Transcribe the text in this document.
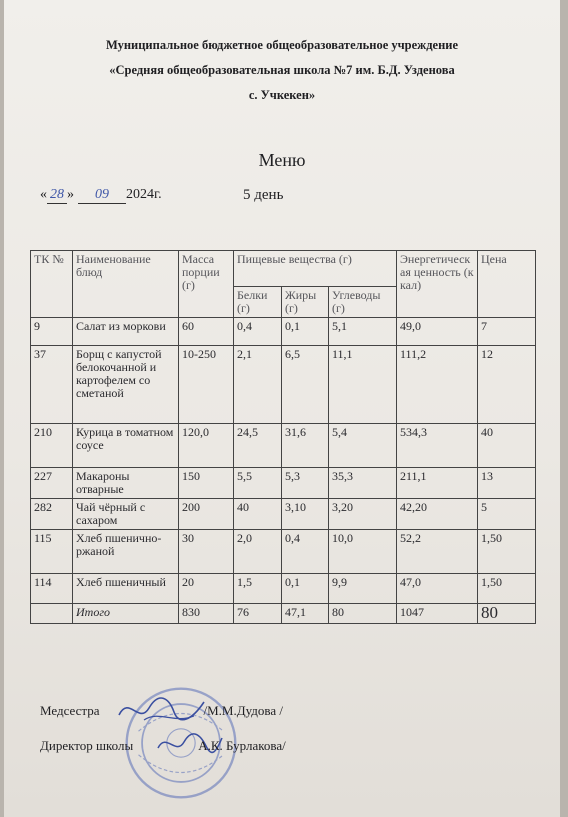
Муниципальное бюджетное общеобразовательное учреждение
«Средняя общеобразовательная школа №7 им. Б.Д. Узденова
с. Учкекен»
Меню
« 28 » 09 2024г.	5 день
ТК №	Наименование блюд	Масса порции (г)	Пищевые вещества (г)			Энергетическая ценность (ккал)	Цена
			Белки (г)	Жиры (г)	Углеводы (г)		
9	Салат из моркови	60	0,4	0,1	5,1	49,0	7
37	Борщ с капустой белокочанной и картофелем со сметаной	10-250	2,1	6,5	11,1	111,2	12
210	Курица в томатном соусе	120,0	24,5	31,6	5,4	534,3	40
227	Макароны отварные	150	5,5	5,3	35,3	211,1	13
282	Чай чёрный с сахаром	200	40	3,10	3,20	42,20	5
115	Хлеб пшенично-ржаной	30	2,0	0,4	10,0	52,2	1,50
114	Хлеб пшеничный	20	1,5	0,1	9,9	47,0	1,50
	Итого	830	76	47,1	80	1047	80
Медсестра	/М.М.Дудова /
Директор школы	А.К. Бурлакова/
